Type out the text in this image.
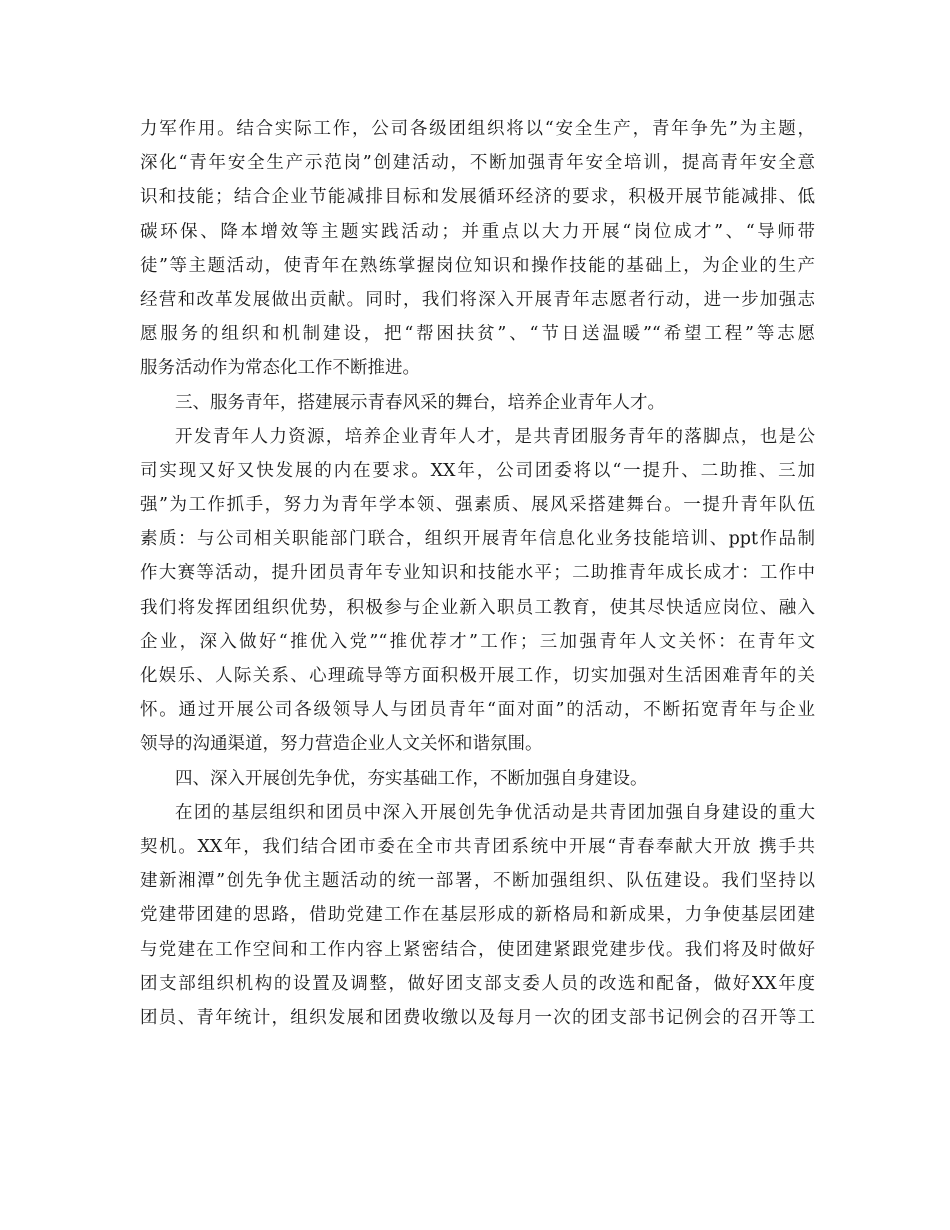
力军作用。结合实际工作，公司各级团组织将以“安全生产，青年争先”为主题，
深化“青年安全生产示范岗”创建活动，不断加强青年安全培训，提高青年安全意
识和技能；结合企业节能减排目标和发展循环经济的要求，积极开展节能减排、低
碳环保、降本增效等主题实践活动；并重点以大力开展“岗位成才”、“导师带
徒”等主题活动，使青年在熟练掌握岗位知识和操作技能的基础上，为企业的生产
经营和改革发展做出贡献。同时，我们将深入开展青年志愿者行动，进一步加强志
愿服务的组织和机制建设，把“帮困扶贫”、“节日送温暖”“希望工程”等志愿
服务活动作为常态化工作不断推进。
三、服务青年，搭建展示青春风采的舞台，培养企业青年人才。
开发青年人力资源，培养企业青年人才，是共青团服务青年的落脚点，也是公
司实现又好又快发展的内在要求。XX年，公司团委将以“一提升、二助推、三加
强”为工作抓手，努力为青年学本领、强素质、展风采搭建舞台。一提升青年队伍
素质：与公司相关职能部门联合，组织开展青年信息化业务技能培训、ppt作品制
作大赛等活动，提升团员青年专业知识和技能水平；二助推青年成长成才：工作中
我们将发挥团组织优势，积极参与企业新入职员工教育，使其尽快适应岗位、融入
企业，深入做好“推优入党”“推优荐才”工作；三加强青年人文关怀：在青年文
化娱乐、人际关系、心理疏导等方面积极开展工作，切实加强对生活困难青年的关
怀。通过开展公司各级领导人与团员青年“面对面”的活动，不断拓宽青年与企业
领导的沟通渠道，努力营造企业人文关怀和谐氛围。
四、深入开展创先争优，夯实基础工作，不断加强自身建设。
在团的基层组织和团员中深入开展创先争优活动是共青团加强自身建设的重大
契机。XX年，我们结合团市委在全市共青团系统中开展“青春奉献大开放 携手共
建新湘潭”创先争优主题活动的统一部署，不断加强组织、队伍建设。我们坚持以
党建带团建的思路，借助党建工作在基层形成的新格局和新成果，力争使基层团建
与党建在工作空间和工作内容上紧密结合，使团建紧跟党建步伐。我们将及时做好
团支部组织机构的设置及调整，做好团支部支委人员的改选和配备，做好XX年度
团员、青年统计，组织发展和团费收缴以及每月一次的团支部书记例会的召开等工
